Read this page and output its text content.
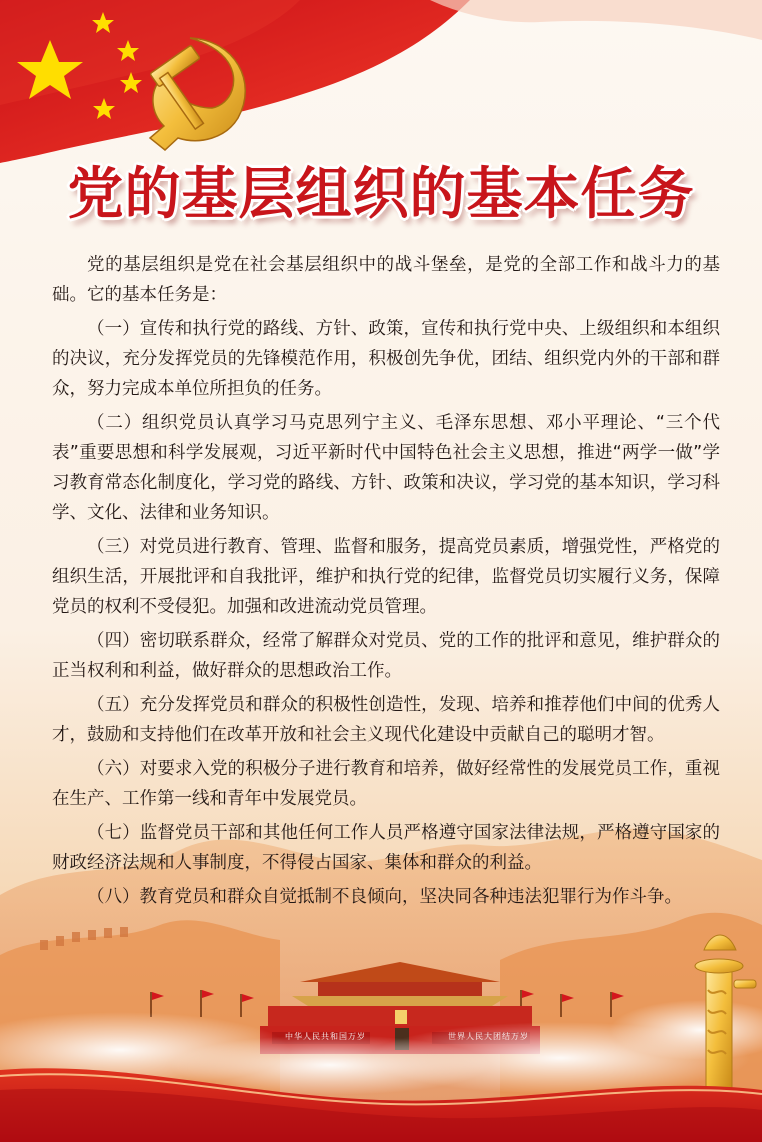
党的基层组织的基本任务

党的基层组织是党在社会基层组织中的战斗堡垒，是党的全部工作和战斗力的基础。它的基本任务是：

（一）宣传和执行党的路线、方针、政策，宣传和执行党中央、上级组织和本组织的决议，充分发挥党员的先锋模范作用，积极创先争优，团结、组织党内外的干部和群众，努力完成本单位所担负的任务。

（二）组织党员认真学习马克思列宁主义、毛泽东思想、邓小平理论、“三个代表”重要思想和科学发展观，习近平新时代中国特色社会主义思想，推进“两学一做”学习教育常态化制度化，学习党的路线、方针、政策和决议，学习党的基本知识，学习科学、文化、法律和业务知识。

（三）对党员进行教育、管理、监督和服务，提高党员素质，增强党性，严格党的组织生活，开展批评和自我批评，维护和执行党的纪律，监督党员切实履行义务，保障党员的权利不受侵犯。加强和改进流动党员管理。

（四）密切联系群众，经常了解群众对党员、党的工作的批评和意见，维护群众的正当权利和利益，做好群众的思想政治工作。

（五）充分发挥党员和群众的积极性创造性，发现、培养和推荐他们中间的优秀人才，鼓励和支持他们在改革开放和社会主义现代化建设中贡献自己的聪明才智。

（六）对要求入党的积极分子进行教育和培养，做好经常性的发展党员工作，重视在生产、工作第一线和青年中发展党员。

（七）监督党员干部和其他任何工作人员严格遵守国家法律法规，严格遵守国家的财政经济法规和人事制度，不得侵占国家、集体和群众的利益。

（八）教育党员和群众自觉抵制不良倾向，坚决同各种违法犯罪行为作斗争。

中华人民共和国万岁	世界人民大团结万岁
